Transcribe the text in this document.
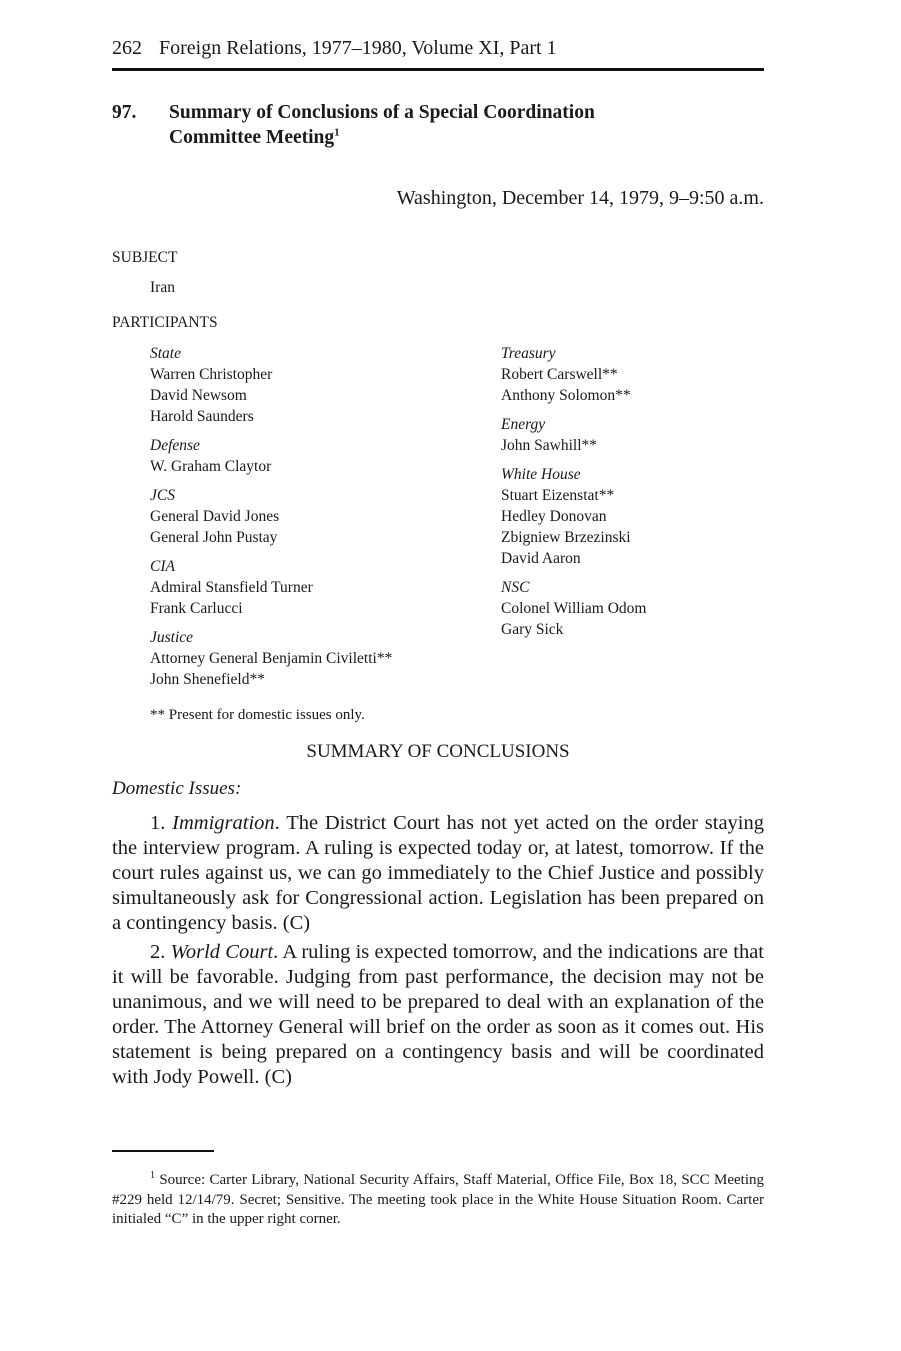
262 Foreign Relations, 1977–1980, Volume XI, Part 1
97. Summary of Conclusions of a Special Coordination Committee Meeting$^1$
Washington, December 14, 1979, 9–9:50 a.m.
SUBJECT
Iran
PARTICIPANTS
State
Warren Christopher
David Newsom
Harold Saunders
Defense
W. Graham Claytor
JCS
General David Jones
General John Pustay
CIA
Admiral Stansfield Turner
Frank Carlucci
Justice
Attorney General Benjamin Civiletti**
John Shenefield**
Treasury
Robert Carswell**
Anthony Solomon**
Energy
John Sawhill**
White House
Stuart Eizenstat**
Hedley Donovan
Zbigniew Brzezinski
David Aaron
NSC
Colonel William Odom
Gary Sick
** Present for domestic issues only.
SUMMARY OF CONCLUSIONS
Domestic Issues:

1. Immigration. The District Court has not yet acted on the order staying the interview program. A ruling is expected today or, at latest, tomorrow. If the court rules against us, we can go immediately to the Chief Justice and possibly simultaneously ask for Congressional action. Legislation has been prepared on a contingency basis. (C)

2. World Court. A ruling is expected tomorrow, and the indications are that it will be favorable. Judging from past performance, the decision may not be unanimous, and we will need to be prepared to deal with an explanation of the order. The Attorney General will brief on the order as soon as it comes out. His statement is being prepared on a contingency basis and will be coordinated with Jody Powell. (C)

$^1$ Source: Carter Library, National Security Affairs, Staff Material, Office File, Box 18, SCC Meeting #229 held 12/14/79. Secret; Sensitive. The meeting took place in the White House Situation Room. Carter initialed “C” in the upper right corner.
